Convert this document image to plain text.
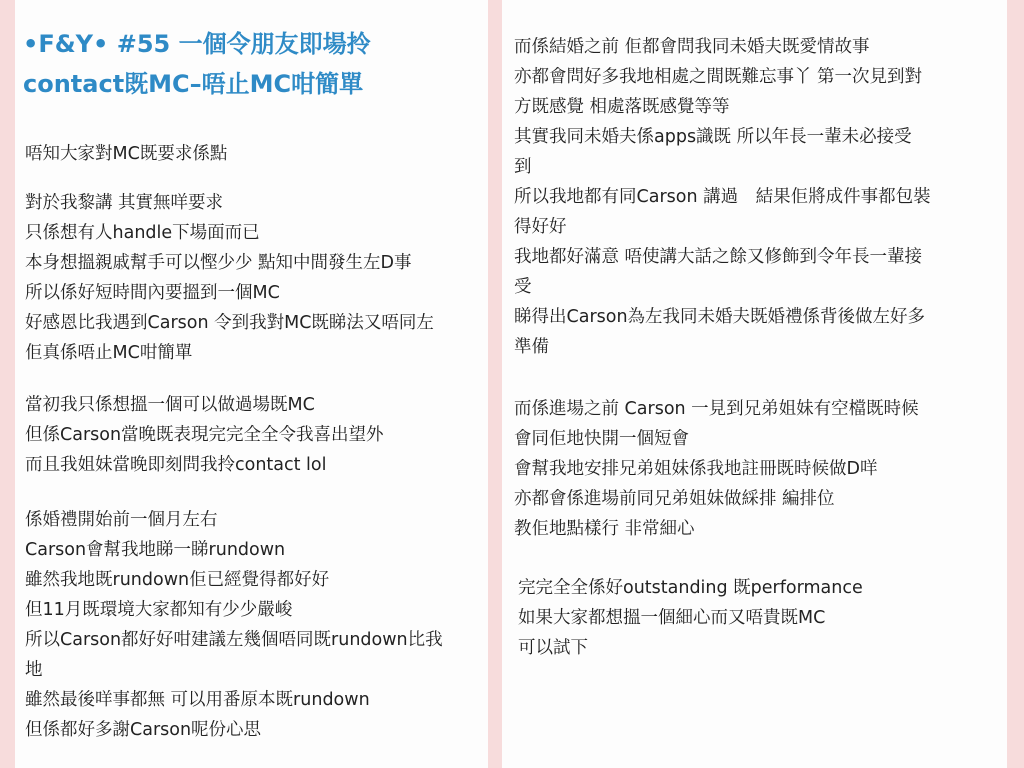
•F&Y• #55 一個令朋友即場拎
contact既MC–唔止MC咁簡單
唔知大家對MC既要求係點
對於我黎講 其實無咩要求
只係想有人handle下場面而已
本身想搵親戚幫手可以慳少少 點知中間發生左D事
所以係好短時間內要搵到一個MC
好感恩比我遇到Carson 令到我對MC既睇法又唔同左
佢真係唔止MC咁簡單
當初我只係想搵一個可以做過場既MC
但係Carson當晚既表現完完全全令我喜出望外
而且我姐妹當晚即刻問我拎contact lol
係婚禮開始前一個月左右
Carson會幫我地睇一睇rundown
雖然我地既rundown佢已經覺得都好好
但11月既環境大家都知有少少嚴峻
所以Carson都好好咁建議左幾個唔同既rundown比我
地
雖然最後咩事都無 可以用番原本既rundown
但係都好多謝Carson呢份心思
而係結婚之前 佢都會問我同未婚夫既愛情故事
亦都會問好多我地相處之間既難忘事丫 第一次見到對
方既感覺 相處落既感覺等等
其實我同未婚夫係apps識既 所以年長一輩未必接受
到
所以我地都有同Carson 講過　結果佢將成件事都包裝
得好好
我地都好滿意 唔使講大話之餘又修飾到令年長一輩接
受
睇得出Carson為左我同未婚夫既婚禮係背後做左好多
準備
而係進場之前 Carson 一見到兄弟姐妹有空檔既時候
會同佢地快開一個短會
會幫我地安排兄弟姐妹係我地註冊既時候做D咩
亦都會係進場前同兄弟姐妹做綵排 編排位
教佢地點樣行 非常細心
完完全全係好outstanding 既performance
如果大家都想搵一個細心而又唔貴既MC
可以試下
